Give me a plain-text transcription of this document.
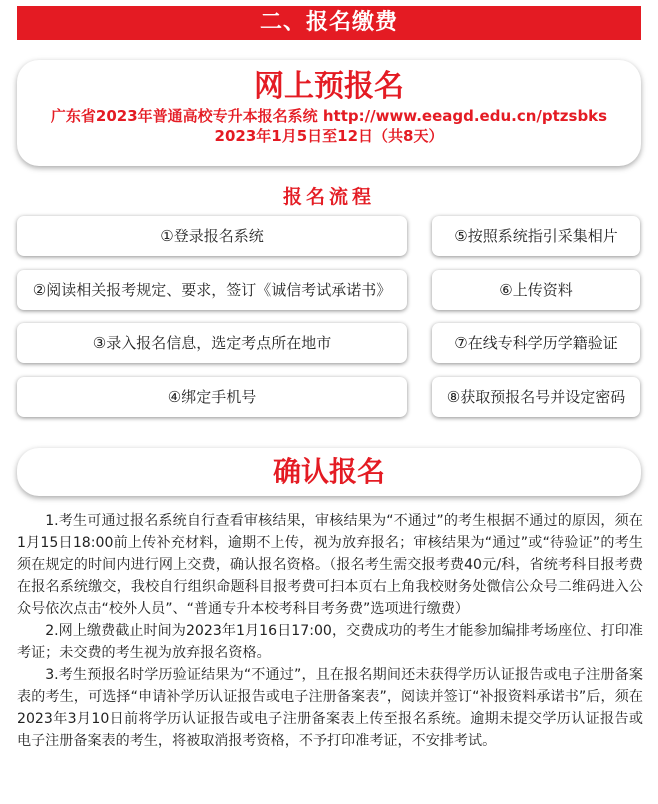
二、报名缴费
网上预报名
广东省2023年普通高校专升本报名系统 http://www.eeagd.edu.cn/ptzsbks
2023年1月5日至12日（共8天）
报名流程
①登录报名系统
②阅读相关报考规定、要求，签订《诚信考试承诺书》
③录入报名信息，选定考点所在地市
④绑定手机号
⑤按照系统指引采集相片
⑥上传资料
⑦在线专科学历学籍验证
⑧获取预报名号并设定密码
确认报名

1.考生可通过报名系统自行查看审核结果，审核结果为“不通过”的考生根据不通过的原因，须在1月15日18:00前上传补充材料，逾期不上传，视为放弃报名；审核结果为“通过”或“待验证”的考生须在规定的时间内进行网上交费，确认报名资格。（报名考生需交报考费40元/科，省统考科目报考费在报名系统缴交，我校自行组织命题科目报考费可扫本页右上角我校财务处微信公众号二维码进入公众号依次点击“校外人员”、“普通专升本校考科目考务费”选项进行缴费）

2.网上缴费截止时间为2023年1月16日17:00，交费成功的考生才能参加编排考场座位、打印准考证；未交费的考生视为放弃报名资格。

3.考生预报名时学历验证结果为“不通过”，且在报名期间还未获得学历认证报告或电子注册备案表的考生，可选择“申请补学历认证报告或电子注册备案表”，阅读并签订“补报资料承诺书”后，须在2023年3月10日前将学历认证报告或电子注册备案表上传至报名系统。逾期未提交学历认证报告或电子注册备案表的考生，将被取消报考资格，不予打印准考证，不安排考试。
